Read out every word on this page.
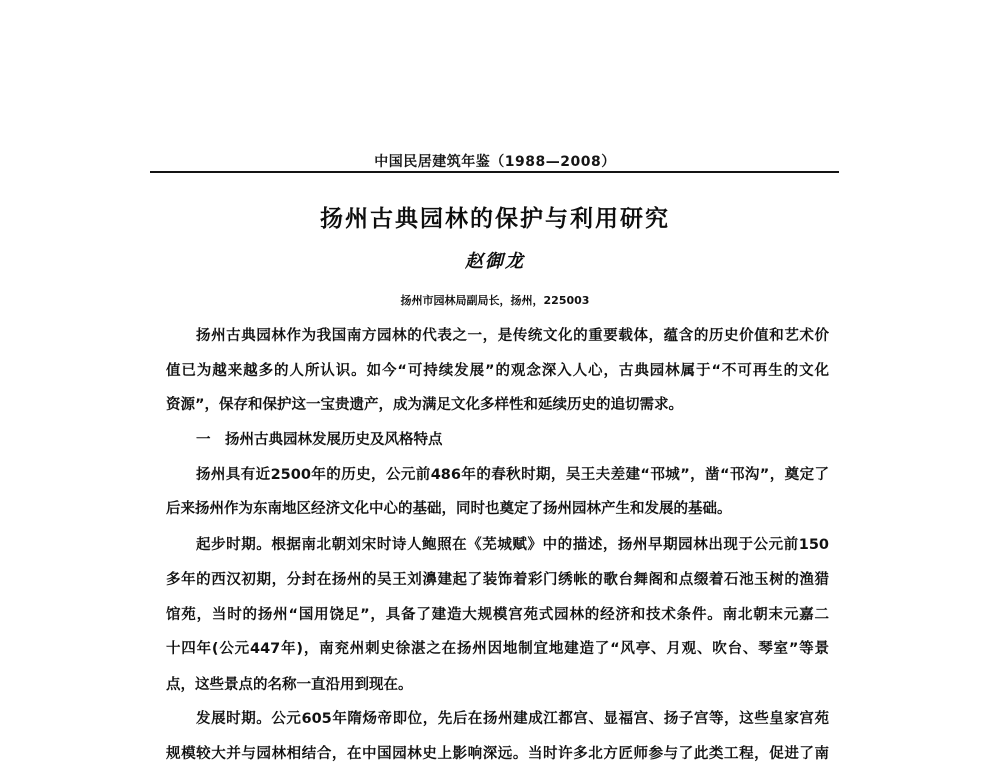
中国民居建筑年鉴（1988—2008）
扬州古典园林的保护与利用研究
赵御龙
扬州市园林局副局长，扬州，225003
扬州古典园林作为我国南方园林的代表之一，是传统文化的重要载体，蕴含的历史价值和艺术价
值已为越来越多的人所认识。如今“可持续发展”的观念深入人心，古典园林属于“不可再生的文化
资源”，保存和保护这一宝贵遗产，成为满足文化多样性和延续历史的追切需求。
一　扬州古典园林发展历史及风格特点
扬州具有近2500年的历史，公元前486年的春秋时期，吴王夫差建“邗城”，凿“邗沟”，奠定了
后来扬州作为东南地区经济文化中心的基础，同时也奠定了扬州园林产生和发展的基础。
起步时期。根据南北朝刘宋时诗人鲍照在《芜城赋》中的描述，扬州早期园林出现于公元前150
多年的西汉初期，分封在扬州的吴王刘濞建起了装饰着彩门绣帐的歌台舞阁和点缀着石池玉树的渔猎
馆苑，当时的扬州“国用饶足”，具备了建造大规模宫苑式园林的经济和技术条件。南北朝末元嘉二
十四年(公元447年)，南兖州刺史徐湛之在扬州因地制宜地建造了“风亭、月观、吹台、琴室”等景
点，这些景点的名称一直沿用到现在。
发展时期。公元605年隋炀帝即位，先后在扬州建成江都宫、显福宫、扬子宫等，这些皇家宫苑
规模较大并与园林相结合，在中国园林史上影响深远。当时许多北方匠师参与了此类工程，促进了南
